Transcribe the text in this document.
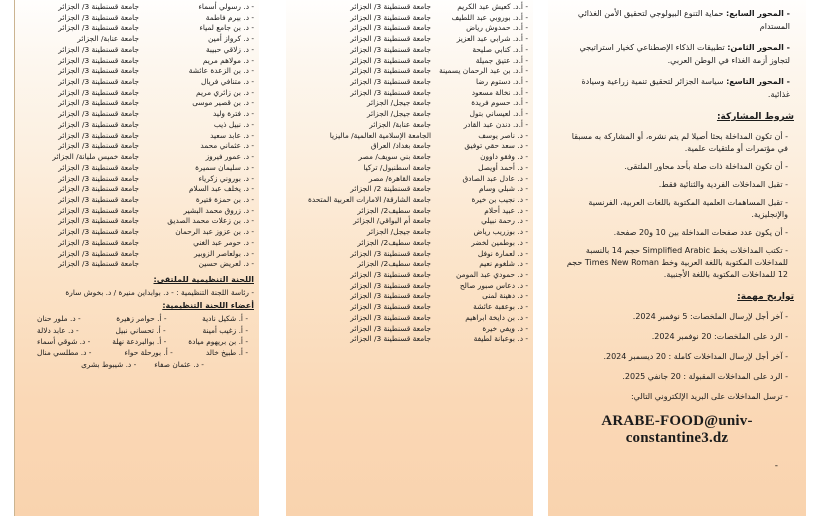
- د. رسولي أسماء
جامعة قسنطينة 3/ الجزائر
- د. بيرم فاطمة
جامعة قسنطينة 3/ الجزائر
- د. بن جامع لمياء
جامعة قسنطينة 3/ الجزائر
- د. كرواز أمين
جامعة عنابة/ الجزائر
- د. زلاقي حبيبة
جامعة قسنطينة 3/ الجزائر
- د. مولاهم مريم
جامعة قسنطينة 3/ الجزائر
- د. بن الزعدة عائشة
جامعة قسنطينة 3/ الجزائر
- د. متنافي فريال
جامعة قسنطينة 3/ الجزائر
- د. بن زائري مريم
جامعة قسنطينة 3/ الجزائر
- د. بن قصير موسى
جامعة قسنطينة 3/ الجزائر
- د. فترة وليد
جامعة قسنطينة 3/ الجزائر
- د. نبيل ذيب
جامعة قسنطينة 3/ الجزائر
- د. عابد سعيد
جامعة قسنطينة 3/ الجزائر
- د. عثماني محمد
جامعة قسنطينة 3/ الجزائر
- د. عمور فيروز
جامعة خميس مليانة/ الجزائر
- د. سليمان سميرة
جامعة قسنطينة 3/ الجزائر
- د. بوروني زكرياء
جامعة قسنطينة 3/ الجزائر
- د. يخلف عبد السلام
جامعة قسنطينة 3/ الجزائر
- د. بن حمزة فتيرة
جامعة قسنطينة 3/ الجزائر
- د. زروق محمد البشير
جامعة قسنطينة 3/ الجزائر
- د. بن زعلات محمد الصديق
جامعة قسنطينة 3/ الجزائر
- د. بن عزوز عبد الرحمان
جامعة قسنطينة 3/ الجزائر
- د. حومر عبد الغني
جامعة قسنطينة 3/ الجزائر
- د. بولعاصر الزوبير
جامعة قسنطينة 3/ الجزائر
- د. لعريض حسين
جامعة قسنطينة 3/ الجزائر
اللجنة التنظيمية للملتقى:
- رئاسة اللجنة التنظيمية : - د. بوابداين منيرة / د. بخوش سارة
أعضاء اللجنة التنظيمية:
- أ. شكيل نادية
- أ. حوامر زهيرة
- د. ملور حنان
- أ. زغيب أمينة
- أ. تحساني نبيل
- د. عابد دلالة
- أ. بن بريهوم ميادة
- أ. بوالبردعة نهلة
- د. شوقي أسماء
- أ. طبيخ خالد
- أ. بورحلة حواء
- د. مطلسي منال
- د. عثمان صفاء
- د. شيبوط بشرى
- أ.د. كعيش عبد الكريم
جامعة قسنطينة 3/ الجزائر
- أ.د. بوروبي عبد اللطيف
جامعة قسنطينة 3/ الجزائر
- أ.د. حمدوش رياض
جامعة قسنطينة 3/ الجزائر
- أ.د. شرابي عبد العزيز
جامعة قسنطينة 3/ الجزائر
- أ.د. كنابي صليحة
جامعة قسنطينة 3/ الجزائر
- أ.د. عتيق جميلة
جامعة قسنطينة 3/ الجزائر
- أ.د. بن عبد الرحمان يسمينة
جامعة قسنطينة 3/ الجزائر
- أ.د. دستوم رضا
جامعة قسنطينة 3/ الجزائر
- أ.د. نخالة مسعود
جامعة قسنطينة 3/ الجزائر
- أ.د. حسوم فريدة
جامعة جيجل/ الجزائر
- أ.د. لعيساني بتول
جامعة جيجل/ الجزائر
- أ.د. دندن عبد القادر
جامعة عنابة/ الجزائر
- د. ناصر يوسف
الجامعة الإسلامية العالمية/ ماليزيا
- د. سعد حقي توفيق
جامعة بغداد/ العراق
- د. وفقو داوون
جامعة بني سويف/ مصر
- د. أحمد أويصل
جامعة اسطنبول/ تركيا
- د. عادل عبد الصادق
جامعة القاهرة/ مصر
- د. شبلي وسام
جامعة قسنطينة 2/ الجزائر
- د. نجيب بن خيرة
جامعة الشارقة/ الامارات العربية المتحدة
- د. عبيد أحلام
جامعة سطيف2/ الجزائر
- د. رحمة نبيلي
جامعة أم البواقي/ الجزائر
- د. بوزريب رياض
جامعة جيجل/ الجزائر
- د. بوطمين لخضر
جامعة سطيف2/ الجزائر
- د. لعمارة نوفل
جامعة قسنطينة 3/ الجزائر
- د. شلغوم نعيم
جامعة سطيف2/ الجزائر
- د. حمودي عبد المومن
جامعة قسنطينة 3/ الجزائر
- د. دعاس صبور صالح
جامعة قسنطينة 3/ الجزائر
- د. دهينة لمنى
جامعة قسنطينة 3/ الجزائر
- د. بوعقبة عائشة
جامعة قسنطينة 3/ الجزائر
- د. بن دايخة ابراهيم
جامعة قسنطينة 3/ الجزائر
- د. ويفي خيرة
جامعة قسنطينة 3/ الجزائر
- د. بوعبانة لطيفة
جامعة قسنطينة 3/ الجزائر

- المحور السابع: حماية التنوع البيولوجي لتحقيق الأمن الغذائي المستدام

- المحور الثامن: تطبيقات الذكاء الإصطناعي كخيار استراتيجي لتجاوز أزمة الغذاء في الوطن العربي.

- المحور التاسع: سياسة الجزائر لتحقيق تنمية زراعية وسيادة غذائية.

شروط المشاركة:

- أن تكون المداخلة بحثا أصيلا لم يتم نشره، أو المشاركة به مسبقا في مؤتمرات أو ملتقيات علمية.

- أن تكون المداخلة ذات صلة بأحد محاور الملتقى.

- تقبل المداخلات الفردية والثنائية فقط.

- تقبل المساهمات العلمية المكتوبة باللغات العربية، الفرنسية والإنجليزية.

- أن يكون عدد صفحات المداخلة بين 10 و20 صفحة.

- تكتب المداخلات بخط Simplified Arabic حجم 14 بالنسبة للمداخلات المكتوبة باللغة العربية وخط Times New Roman حجم 12 للمداخلات المكتوبة باللغة الأجنبية.

تواريخ مهمة:

- آخر أجل لإرسال الملخصات: 5 نوفمبر 2024.

- الرد على الملخصات: 20 نوفمبر 2024.

- آخر أجل لإرسال المداخلات كاملة : 20 ديسمبر 2024.

- الرد على المداخلات المقبولة : 20 جانفي 2025.

- ترسل المداخلات على البريد الإلكتروني التالي:

ARABE-FOOD@univ-constantine3.dz
-
